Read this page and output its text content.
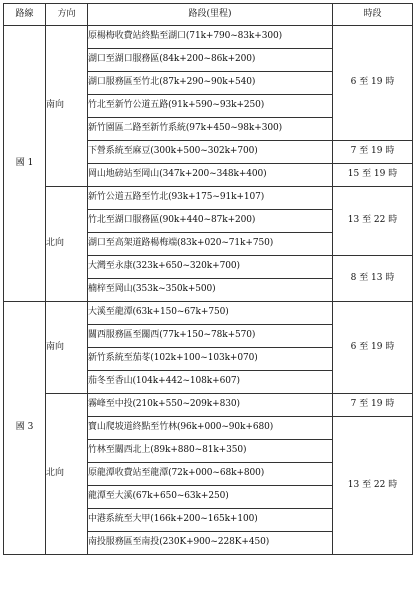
路線	方向	路段(里程)	時段
國 1	南向	原楊梅收費站終點至湖口(71k+790~83k+300)	6 至 19 時
		湖口至湖口服務區(84k+200~86k+200)	
		湖口服務區至竹北(87k+290~90k+540)	
		竹北至新竹公道五路(91k+590~93k+250)	
		新竹園區二路至新竹系統(97k+450~98k+300)	
		下營系統至麻豆(300k+500~302k+700)	7 至 19 時
		岡山地磅站至岡山(347k+200~348k+400)	15 至 19 時
	北向	新竹公道五路至竹北(93k+175~91k+107)	13 至 22 時
		竹北至湖口服務區(90k+440~87k+200)	
		湖口至高架道路楊梅端(83k+020~71k+750)	
		大灣至永康(323k+650~320k+700)	8 至 13 時
		楠梓至岡山(353k~350k+500)	
國 3	南向	大溪至龍潭(63k+150~67k+750)	6 至 19 時
		關西服務區至關西(77k+150~78k+570)	
		新竹系統至茄苳(102k+100~103k+070)	
		茄冬至香山(104k+442~108k+607)	
	北向	霧峰至中投(210k+550~209k+830)	7 至 19 時
		寶山爬坡道終點至竹林(96k+000~90k+680)	13 至 22 時
		竹林至關西北上(89k+880~81k+350)	
		原龍潭收費站至龍潭(72k+000~68k+800)	
		龍潭至大溪(67k+650~63k+250)	
		中港系統至大甲(166k+200~165k+100)	
		南投服務區至南投(230K+900~228K+450)	
